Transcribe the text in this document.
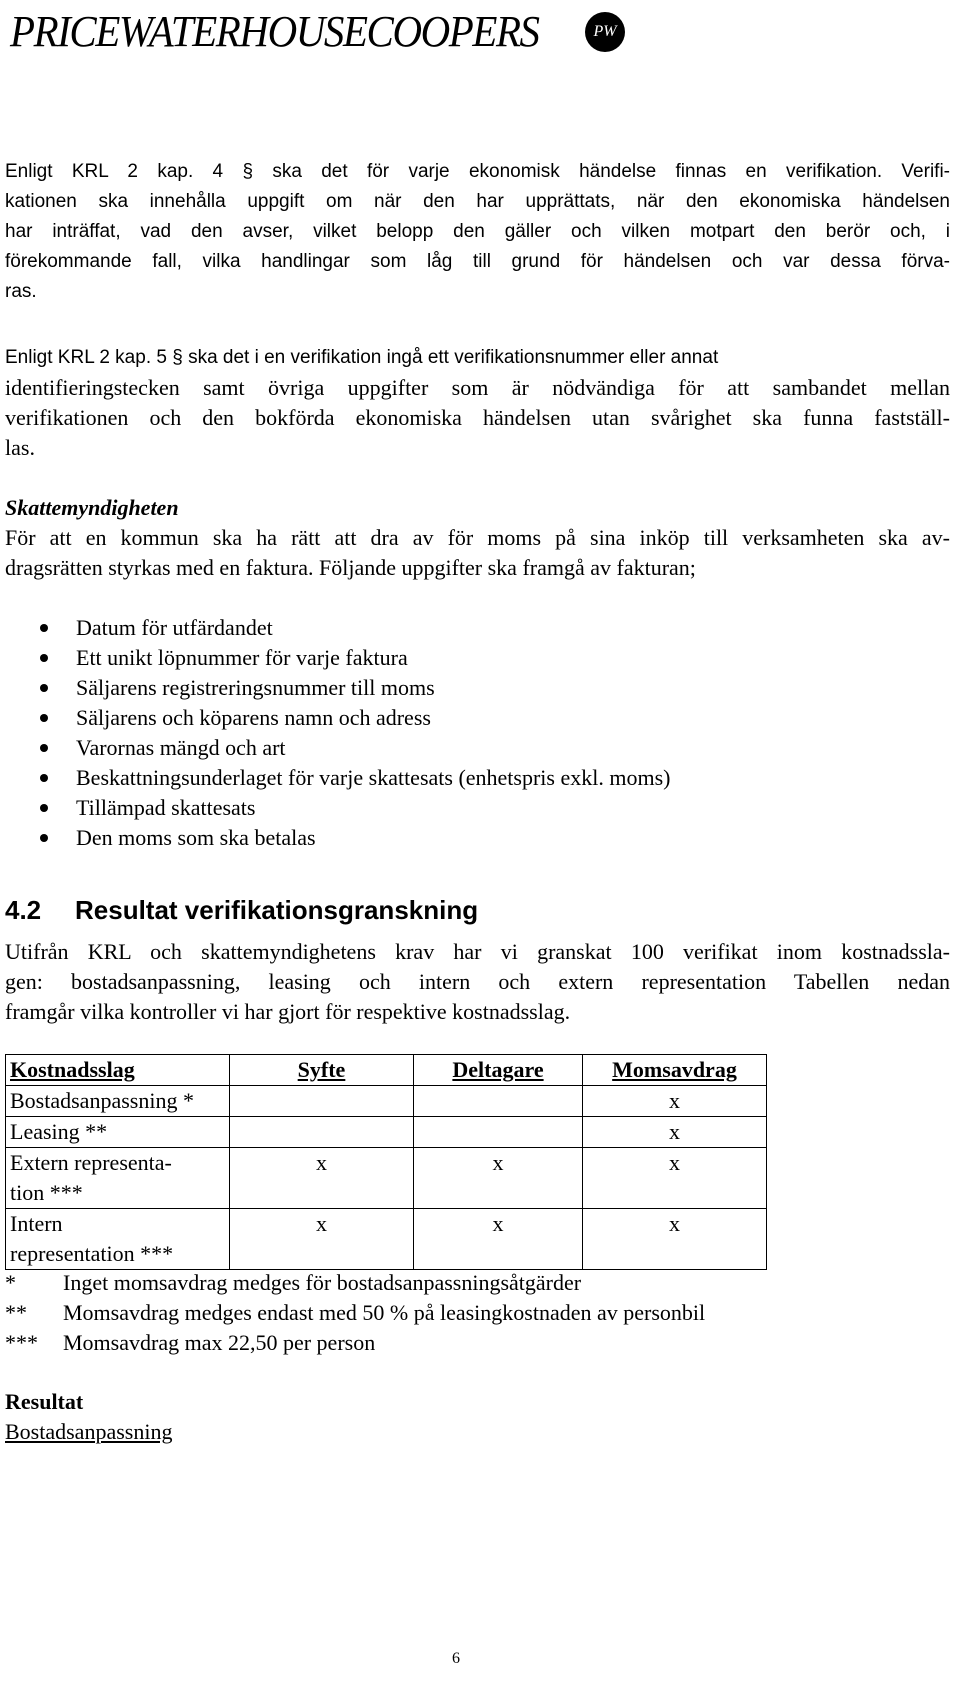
PRICEWATERHOUSECOOPERS	PW
Enligt KRL 2 kap. 4 § ska det för varje ekonomisk händelse finnas en verifikation. Verifi-
kationen ska innehålla uppgift om när den har upprättats, när den ekonomiska händelsen
har inträffat, vad den avser, vilket belopp den gäller och vilken motpart den berör och, i
förekommande fall, vilka handlingar som låg till grund för händelsen och var dessa förva-
ras.
Enligt KRL 2 kap. 5 § ska det i en verifikation ingå ett verifikationsnummer eller annat
identifieringstecken samt övriga uppgifter som är nödvändiga för att sambandet mellan
verifikationen och den bokförda ekonomiska händelsen utan svårighet ska funna fastställ-
las.
Skattemyndigheten
För att en kommun ska ha rätt att dra av för moms på sina inköp till verksamheten ska av-
dragsrätten styrkas med en faktura. Följande uppgifter ska framgå av fakturan;
Datum för utfärdandet
Ett unikt löpnummer för varje faktura
Säljarens registreringsnummer till moms
Säljarens och köparens namn och adress
Varornas mängd och art
Beskattningsunderlaget för varje skattesats (enhetspris exkl. moms)
Tillämpad skattesats
Den moms som ska betalas
4.2 Resultat verifikationsgranskning
Utifrån KRL och skattemyndighetens krav har vi granskat 100 verifikat inom kostnadssla-
gen: bostadsanpassning, leasing och intern och extern representation Tabellen nedan
framgår vilka kontroller vi har gjort för respektive kostnadsslag.
Kostnadsslag	Syfte	Deltagare	Momsavdrag
Bostadsanpassning *			x
Leasing **			x

Extern representa-
tion ***	x	x	x

Intern
representation ***	x	x	x
*	Inget momsavdrag medges för bostadsanpassningsåtgärder
**	Momsavdrag medges endast med 50 % på leasingkostnaden av personbil
***	Momsavdrag max 22,50 per person
Resultat
Bostadsanpassning
6
